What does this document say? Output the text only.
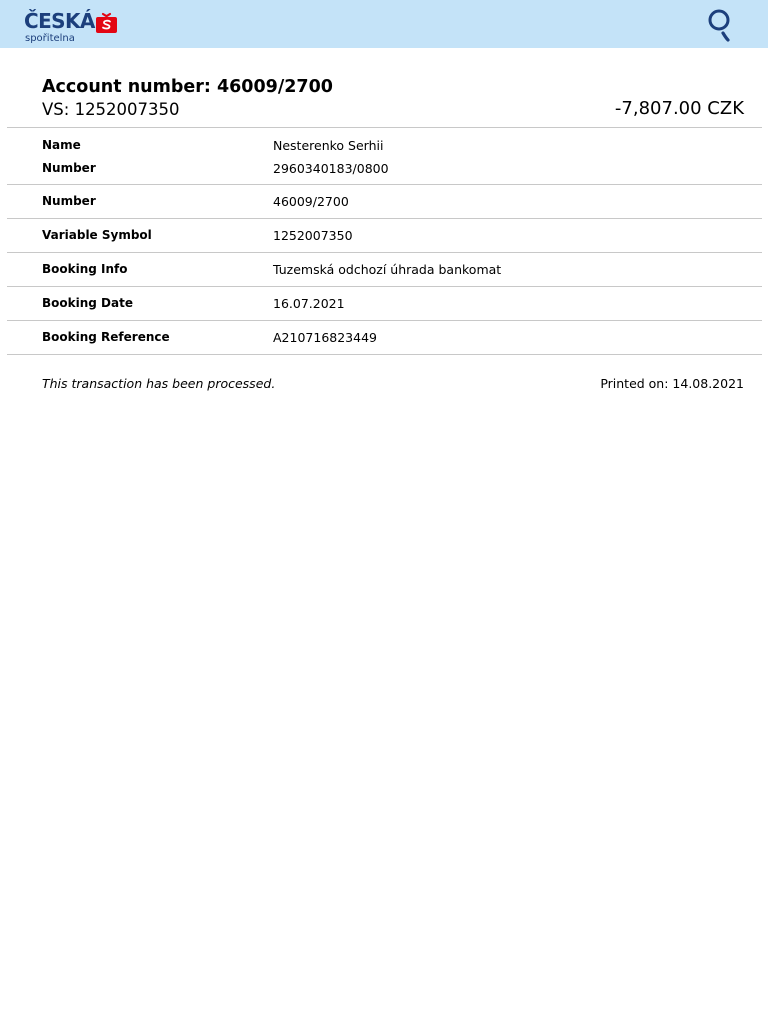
ČESKÁ
spořitelna
Account number: 46009/2700
VS: 1252007350	-7,807.00 CZK
Name	Nesterenko Serhii
Number	2960340183/0800
Number	46009/2700
Variable Symbol	1252007350
Booking Info	Tuzemská odchozí úhrada bankomat
Booking Date	16.07.2021
Booking Reference	A210716823449
This transaction has been processed.	Printed on: 14.08.2021
